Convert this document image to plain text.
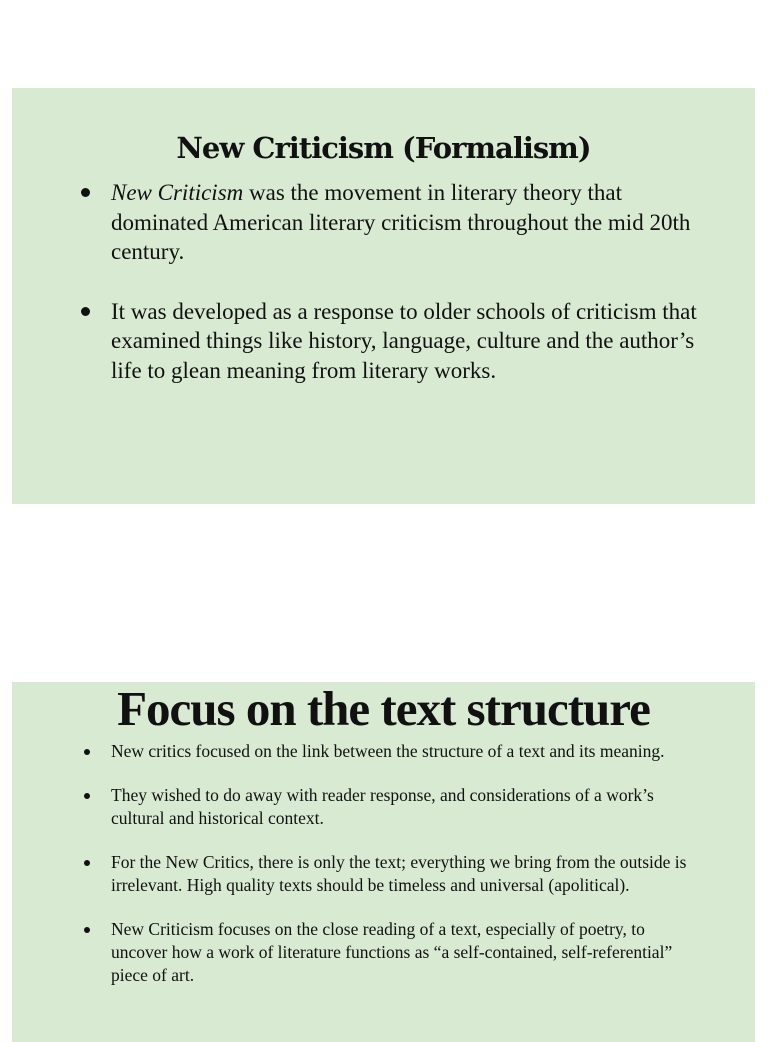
New Criticism (Formalism)
New Criticism was the movement in literary theory that dominated American literary criticism throughout the mid 20th century.
It was developed as a response to older schools of criticism that examined things like history, language, culture and the author’s life to glean meaning from literary works.
Focus on the text structure
New critics focused on the link between the structure of a text and its meaning.
They wished to do away with reader response, and considerations of a work’s cultural and historical context.
For the New Critics, there is only the text; everything we bring from the outside is irrelevant. High quality texts should be timeless and universal (apolitical).
New Criticism focuses on the close reading of a text, especially of poetry, to uncover how a work of literature functions as “a self-contained, self-referential” piece of art.
